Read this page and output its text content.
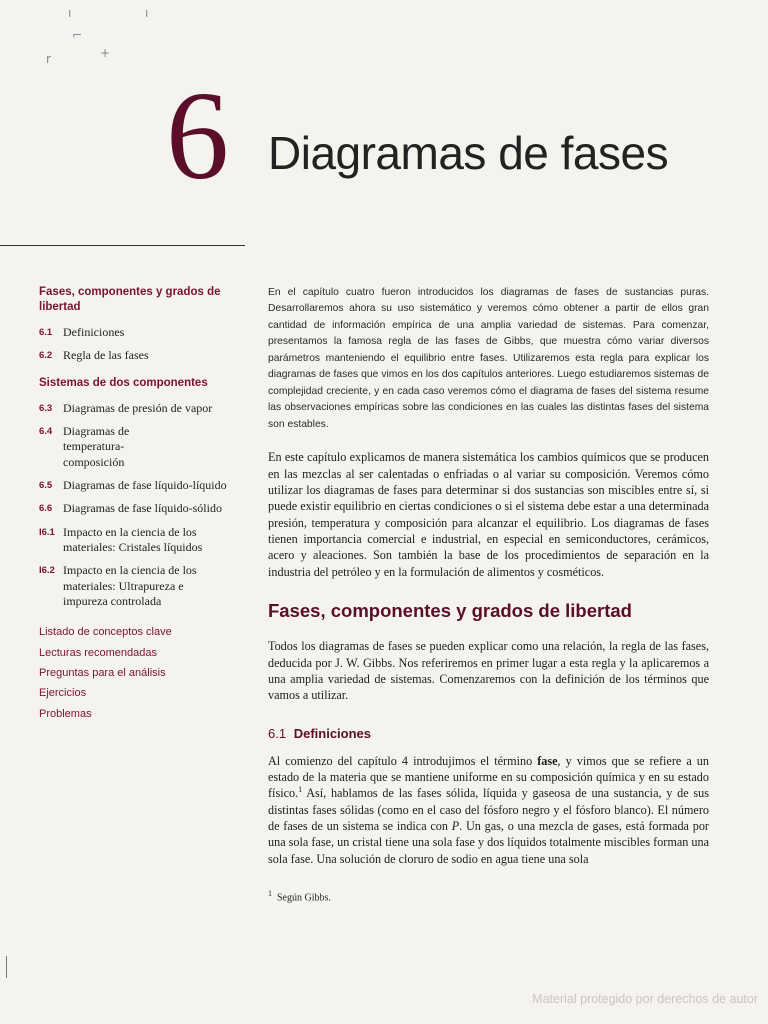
ı	ı
⌐
r	+
6 Diagramas de fases
Fases, componentes y grados de libertad
6.1 Definiciones
6.2 Regla de las fases
Sistemas de dos componentes
6.3 Diagramas de presión de vapor
6.4 Diagramas de temperatura-composición
6.5 Diagramas de fase líquido-líquido
6.6 Diagramas de fase líquido-sólido
I6.1 Impacto en la ciencia de los materiales: Cristales líquidos
I6.2 Impacto en la ciencia de los materiales: Ultrapureza e impureza controlada
Listado de conceptos clave
Lecturas recomendadas
Preguntas para el análisis
Ejercicios
Problemas

En el capítulo cuatro fueron introducidos los diagramas de fases de sustancias puras. Desarrollaremos ahora su uso sistemático y veremos cómo obtener a partir de ellos gran cantidad de información empírica de una amplia variedad de sistemas. Para comenzar, presentamos la famosa regla de las fases de Gibbs, que muestra cómo variar diversos parámetros manteniendo el equilibrio entre fases. Utilizaremos esta regla para explicar los diagramas de fases que vimos en los dos capítulos anteriores. Luego estudiaremos sistemas de complejidad creciente, y en cada caso veremos cómo el diagrama de fases del sistema resume las observaciones empíricas sobre las condiciones en las cuales las distintas fases del sistema son estables.

En este capítulo explicamos de manera sistemática los cambios químicos que se producen en las mezclas al ser calentadas o enfriadas o al variar su composición. Veremos cómo utilizar los diagramas de fases para determinar si dos sustancias son miscibles entre sí, si puede existir equilibrio en ciertas condiciones o si el sistema debe estar a una determinada presión, temperatura y composición para alcanzar el equilibrio. Los diagramas de fases tienen importancia comercial e industrial, en especial en semiconductores, cerámicos, acero y aleaciones. Son también la base de los procedimientos de separación en la industria del petróleo y en la formulación de alimentos y cosméticos.

Fases, componentes y grados de libertad

Todos los diagramas de fases se pueden explicar como una relación, la regla de las fases, deducida por J. W. Gibbs. Nos referiremos en primer lugar a esta regla y la aplicaremos a una amplia variedad de sistemas. Comenzaremos con la definición de los términos que vamos a utilizar.

6.1 Definiciones

Al comienzo del capítulo 4 introdujimos el término fase, y vimos que se refiere a un estado de la materia que se mantiene uniforme en su composición química y en su estado físico.$^1$ Así, hablamos de las fases sólida, líquida y gaseosa de una sustancia, y de sus distintas fases sólidas (como en el caso del fósforo negro y el fósforo blanco). El número de fases de un sistema se indica con P. Un gas, o una mezcla de gases, está formada por una sola fase, un cristal tiene una sola fase y dos líquidos totalmente miscibles forman una sola fase. Una solución de cloruro de sodio en agua tiene una sola

$^1$ Según Gibbs.
Material protegido por derechos de autor
